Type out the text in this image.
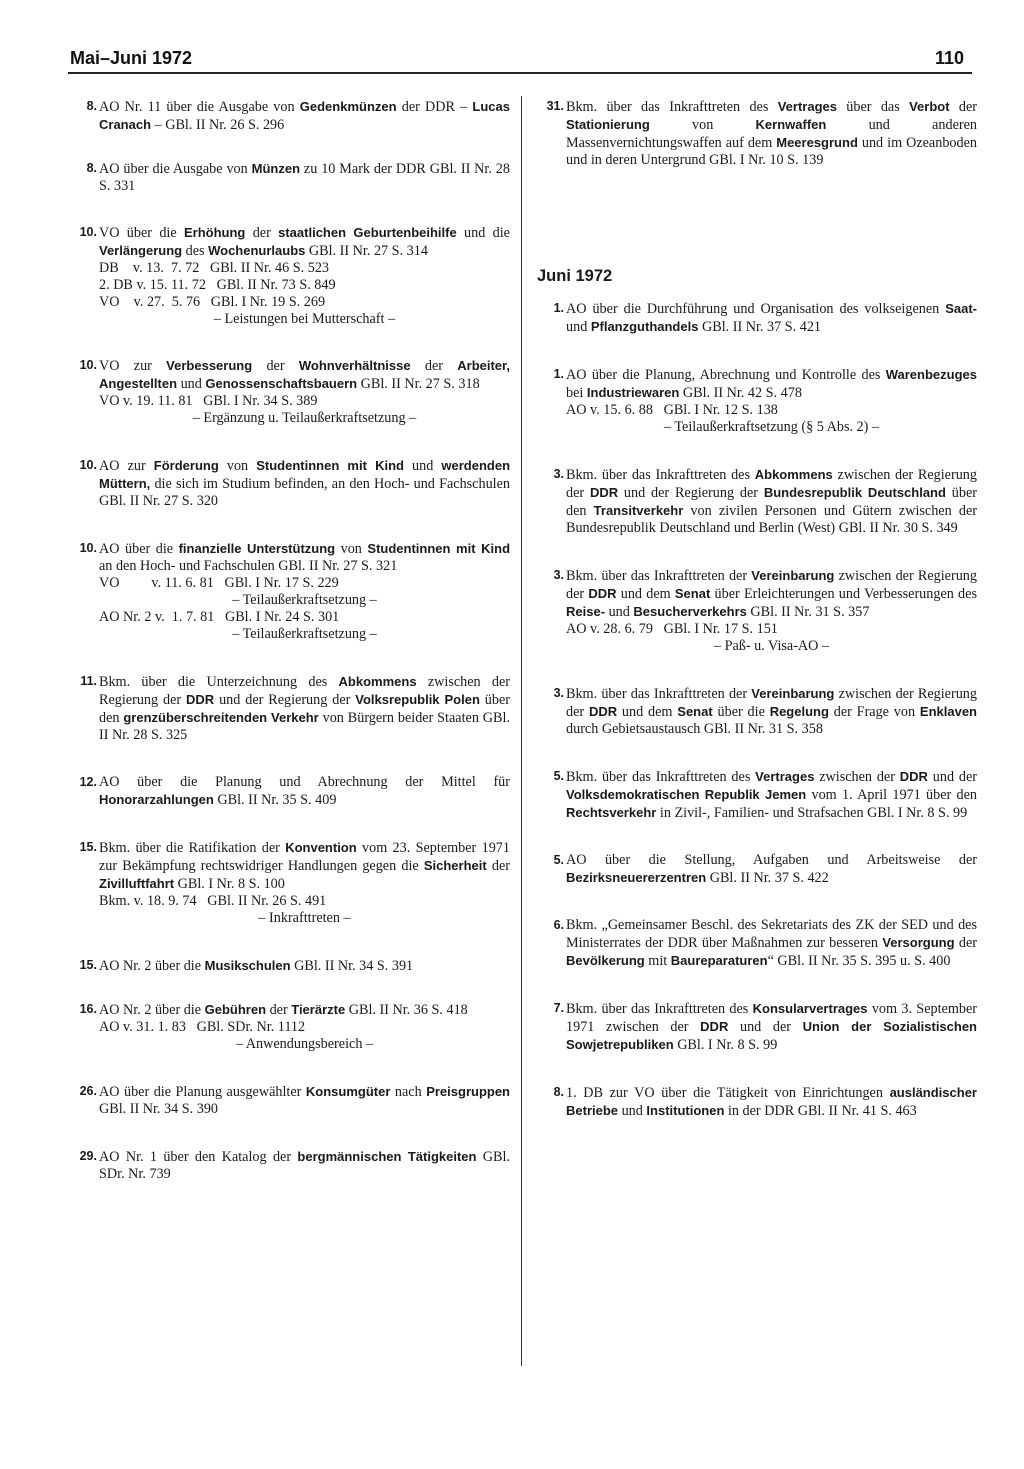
Mai–Juni 1972	110
8. AO Nr. 11 über die Ausgabe von Gedenkmünzen der DDR – Lucas Cranach – GBl. II Nr. 26 S. 296
8. AO über die Ausgabe von Münzen zu 10 Mark der DDR GBl. II Nr. 28 S. 331
10. VO über die Erhöhung der staatlichen Geburtenbeihilfe und die Verlängerung des Wochenurlaubs GBl. II Nr. 27 S. 314
DB    v. 13.  7. 72   GBl. II Nr. 46 S. 523
2. DB v. 15. 11. 72   GBl. II Nr. 73 S. 849
VO    v. 27.  5. 76   GBl. I Nr. 19 S. 269
– Leistungen bei Mutterschaft –
10. VO zur Verbesserung der Wohnverhältnisse der Arbeiter, Angestellten und Genossenschaftsbauern GBl. II Nr. 27 S. 318
VO v. 19. 11. 81   GBl. I Nr. 34 S. 389
– Ergänzung u. Teilaußerkraftsetzung –
10. AO zur Förderung von Studentinnen mit Kind und werdenden Müttern, die sich im Studium befinden, an den Hoch- und Fachschulen GBl. II Nr. 27 S. 320
10. AO über die finanzielle Unterstützung von Studentinnen mit Kind an den Hoch- und Fachschulen GBl. II Nr. 27 S. 321
VO         v. 11. 6. 81   GBl. I Nr. 17 S. 229
– Teilaußerkraftsetzung –
AO Nr. 2 v.  1. 7. 81   GBl. I Nr. 24 S. 301
– Teilaußerkraftsetzung –
11. Bkm. über die Unterzeichnung des Abkommens zwischen der Regierung der DDR und der Regierung der Volksrepublik Polen über den grenzüberschreitenden Verkehr von Bürgern beider Staaten GBl. II Nr. 28 S. 325
12. AO über die Planung und Abrechnung der Mittel für Honorarzahlungen GBl. II Nr. 35 S. 409
15. Bkm. über die Ratifikation der Konvention vom 23. September 1971 zur Bekämpfung rechtswidriger Handlungen gegen die Sicherheit der Zivilluftfahrt GBl. I Nr. 8 S. 100
Bkm. v. 18. 9. 74   GBl. II Nr. 26 S. 491
– Inkrafttreten –
15. AO Nr. 2 über die Musikschulen GBl. II Nr. 34 S. 391
16. AO Nr. 2 über die Gebühren der Tierärzte GBl. II Nr. 36 S. 418
AO v. 31. 1. 83   GBl. SDr. Nr. 1112
– Anwendungsbereich –
26. AO über die Planung ausgewählter Konsumgüter nach Preisgruppen GBl. II Nr. 34 S. 390
29. AO Nr. 1 über den Katalog der bergmännischen Tätigkeiten GBl. SDr. Nr. 739
31. Bkm. über das Inkrafttreten des Vertrages über das Verbot der Stationierung von Kernwaffen und anderen Massenvernichtungswaffen auf dem Meeresgrund und im Ozeanboden und in deren Untergrund GBl. I Nr. 10 S. 139
Juni 1972
1. AO über die Durchführung und Organisation des volkseigenen Saat- und Pflanzguthandels GBl. II Nr. 37 S. 421
1. AO über die Planung, Abrechnung und Kontrolle des Warenbezuges bei Industriewaren GBl. II Nr. 42 S. 478
AO v. 15. 6. 88   GBl. I Nr. 12 S. 138
– Teilaußerkraftsetzung (§ 5 Abs. 2) –
3. Bkm. über das Inkrafttreten des Abkommens zwischen der Regierung der DDR und der Regierung der Bundesrepublik Deutschland über den Transitverkehr von zivilen Personen und Gütern zwischen der Bundesrepublik Deutschland und Berlin (West) GBl. II Nr. 30 S. 349
3. Bkm. über das Inkrafttreten der Vereinbarung zwischen der Regierung der DDR und dem Senat über Erleichterungen und Verbesserungen des Reise- und Besucherverkehrs GBl. II Nr. 31 S. 357
AO v. 28. 6. 79   GBl. I Nr. 17 S. 151
– Paß- u. Visa-AO –
3. Bkm. über das Inkrafttreten der Vereinbarung zwischen der Regierung der DDR und dem Senat über die Regelung der Frage von Enklaven durch Gebietsaustausch GBl. II Nr. 31 S. 358
5. Bkm. über das Inkrafttreten des Vertrages zwischen der DDR und der Volksdemokratischen Republik Jemen vom 1. April 1971 über den Rechtsverkehr in Zivil-, Familien- und Strafsachen GBl. I Nr. 8 S. 99
5. AO über die Stellung, Aufgaben und Arbeitsweise der Bezirksneuererzentren GBl. II Nr. 37 S. 422
6. Bkm. „Gemeinsamer Beschl. des Sekretariats des ZK der SED und des Ministerrates der DDR über Maßnahmen zur besseren Versorgung der Bevölkerung mit Baureparaturen“ GBl. II Nr. 35 S. 395 u. S. 400
7. Bkm. über das Inkrafttreten des Konsularvertrages vom 3. September 1971 zwischen der DDR und der Union der Sozialistischen Sowjetrepubliken GBl. I Nr. 8 S. 99
8. 1. DB zur VO über die Tätigkeit von Einrichtungen ausländischer Betriebe und Institutionen in der DDR GBl. II Nr. 41 S. 463
